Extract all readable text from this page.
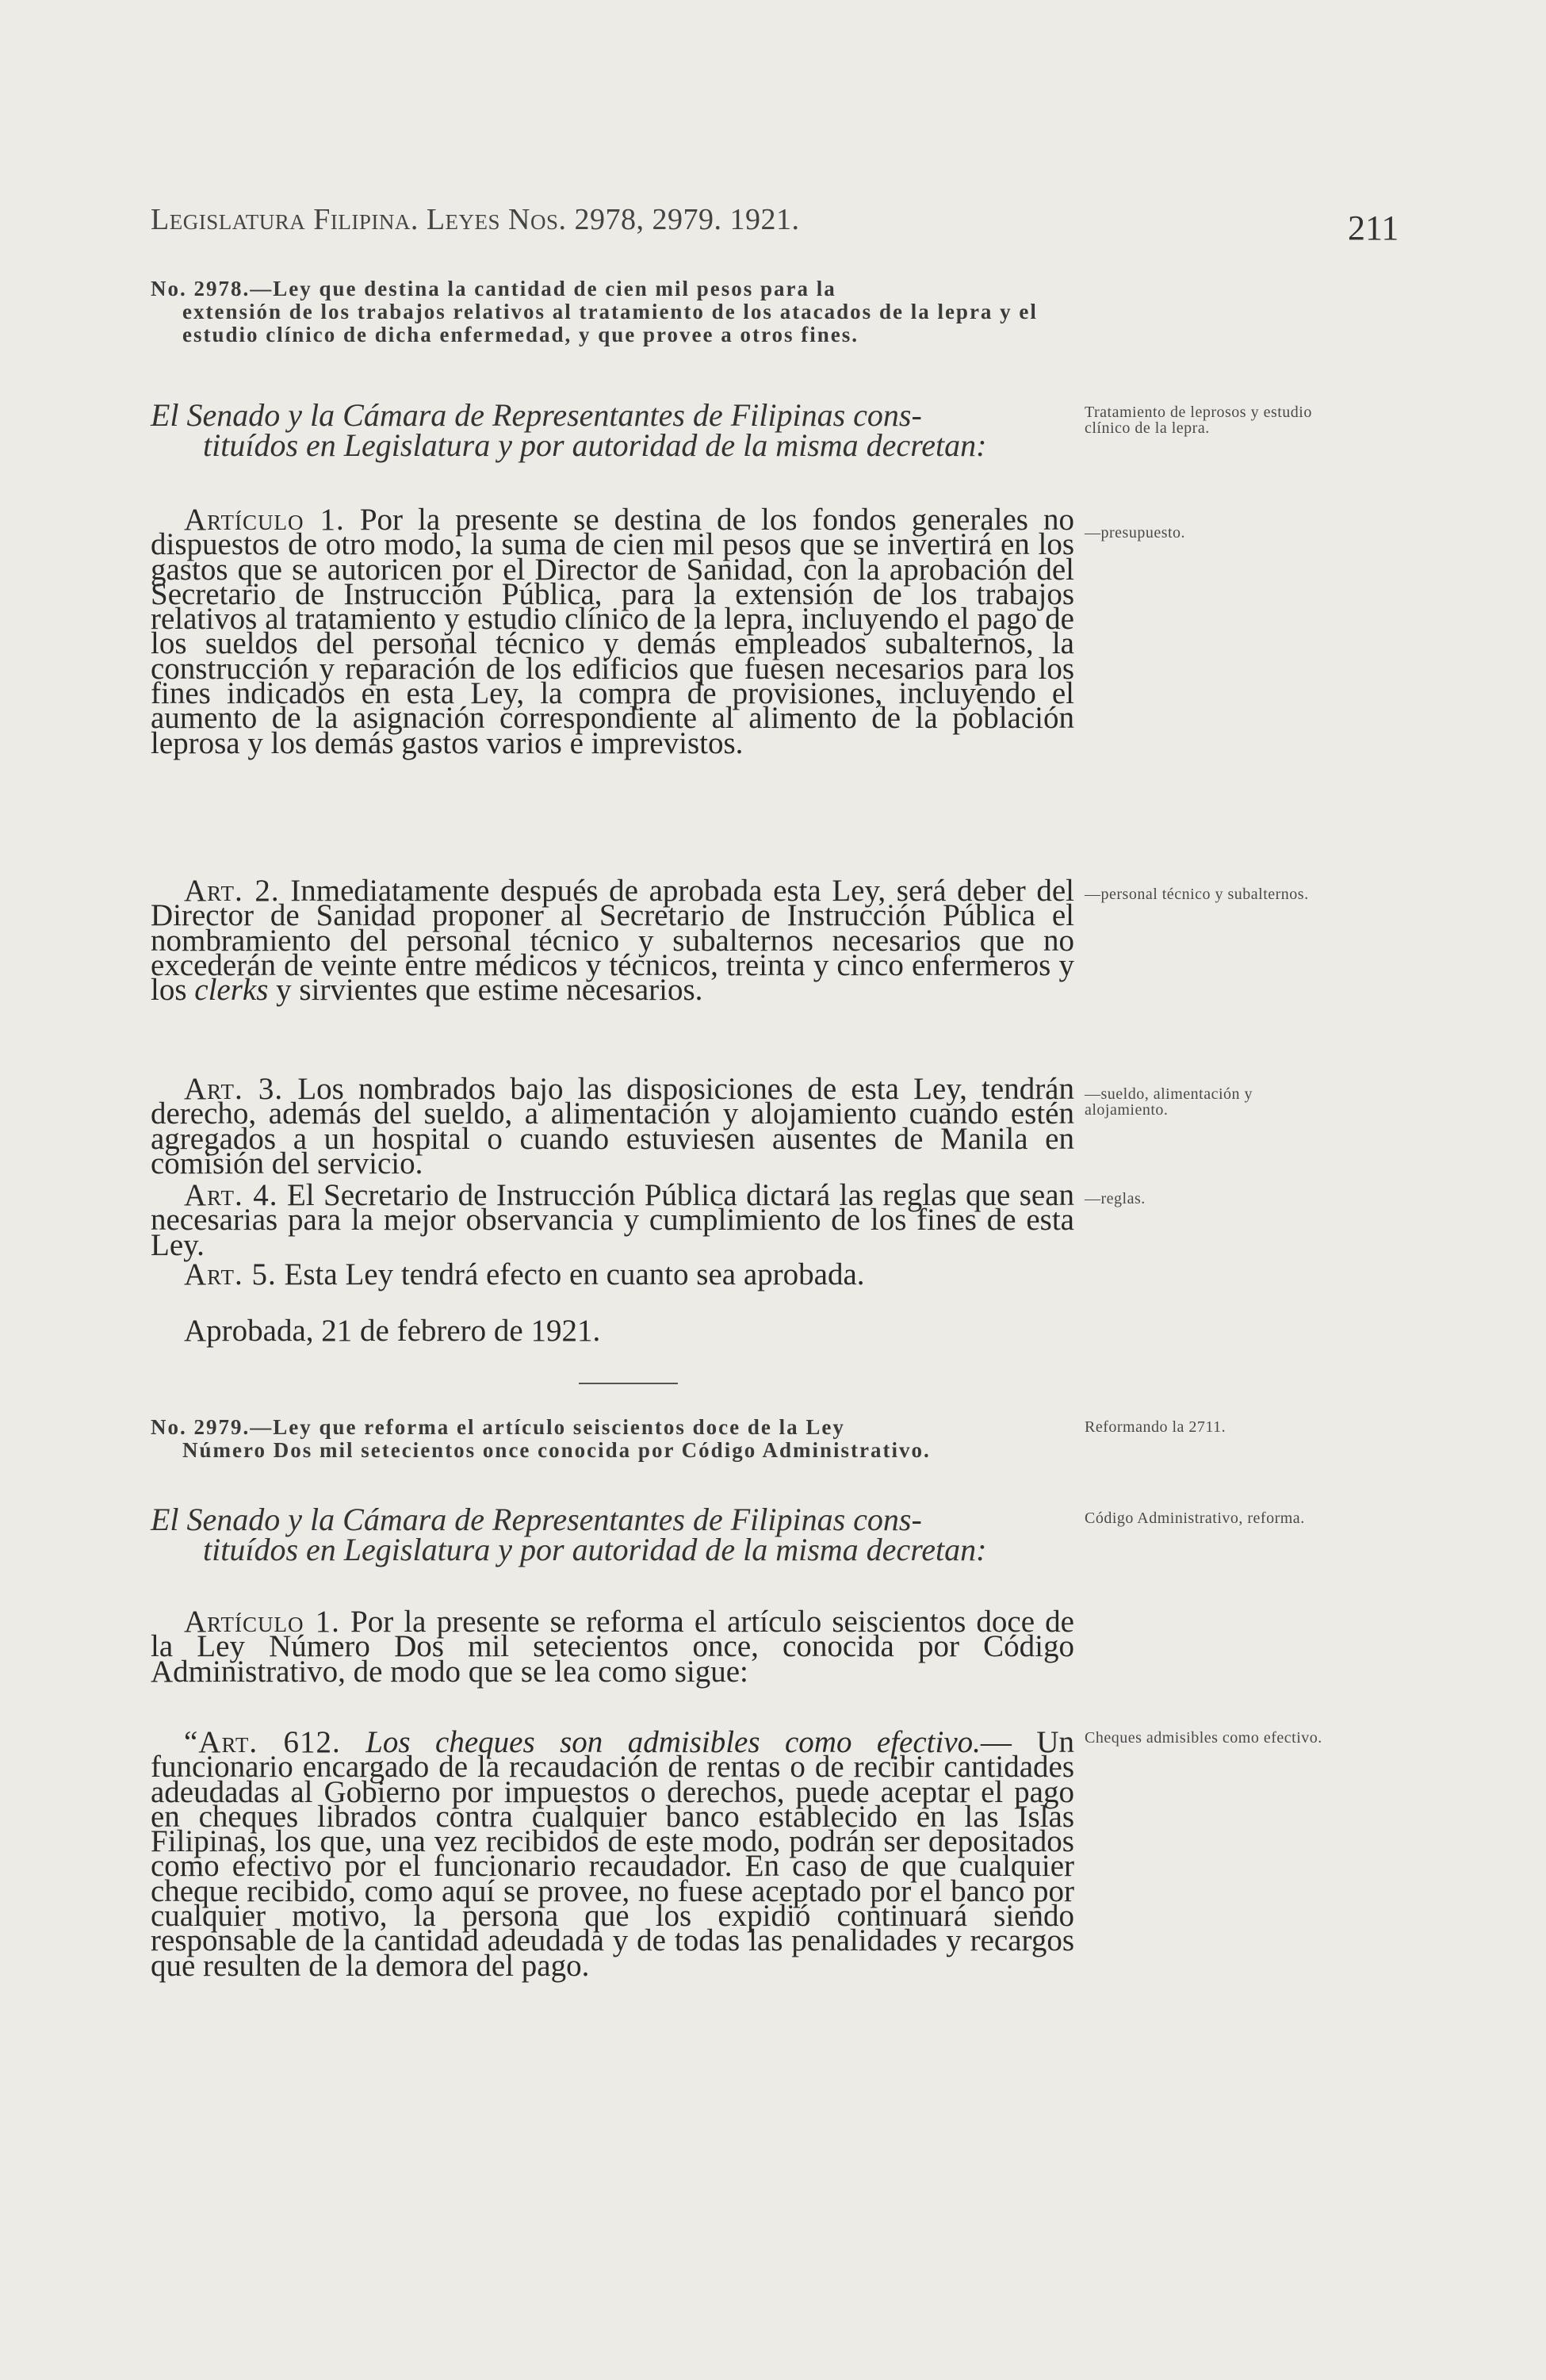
Legislatura Filipina. Leyes Nos. 2978, 2979. 1921.	211
No. 2978.—Ley que destina la cantidad de cien mil pesos para la
extensión de los trabajos relativos al tratamiento de los atacados de la lepra y el estudio clínico de dicha enfermedad, y que provee a otros fines.
El Senado y la Cámara de Representantes de Filipinas cons-
tituídos en Legislatura y por autoridad de la misma decretan:

Artículo 1. Por la presente se destina de los fondos generales no dispuestos de otro modo, la suma de cien mil pesos que se invertirá en los gastos que se autoricen por el Director de Sanidad, con la aprobación del Secretario de Instrucción Pública, para la extensión de los trabajos relativos al tratamiento y estudio clínico de la lepra, incluyendo el pago de los sueldos del personal técnico y demás empleados subalternos, la construcción y reparación de los edificios que fuesen necesarios para los fines indicados en esta Ley, la compra de provisiones, incluyendo el aumento de la asignación correspondiente al alimento de la población leprosa y los demás gastos varios e imprevistos.

Art. 2. Inmediatamente después de aprobada esta Ley, será deber del Director de Sanidad proponer al Secretario de Instrucción Pública el nombramiento del personal técnico y subalternos necesarios que no excederán de veinte entre médicos y técnicos, treinta y cinco enfermeros y los clerks y sirvientes que estime necesarios.

Art. 3. Los nombrados bajo las disposiciones de esta Ley, tendrán derecho, además del sueldo, a alimentación y alojamiento cuando estén agregados a un hospital o cuando estuviesen ausentes de Manila en comisión del servicio.

Art. 4. El Secretario de Instrucción Pública dictará las reglas que sean necesarias para la mejor observancia y cumplimiento de los fines de esta Ley.

Art. 5. Esta Ley tendrá efecto en cuanto sea aprobada.

Aprobada, 21 de febrero de 1921.
Tratamiento de leprosos y estudio clínico de la lepra.
—presupuesto.
—personal técnico y subalternos.
—sueldo, alimentación y alojamiento.
—reglas.
No. 2979.—Ley que reforma el artículo seiscientos doce de la Ley
Número Dos mil setecientos once conocida por Código Administrativo.
El Senado y la Cámara de Representantes de Filipinas cons-
tituídos en Legislatura y por autoridad de la misma decretan:

Artículo 1. Por la presente se reforma el artículo seiscientos doce de la Ley Número Dos mil setecientos once, conocida por Código Administrativo, de modo que se lea como sigue:

“Art. 612. Los cheques son admisibles como efectivo.— Un funcionario encargado de la recaudación de rentas o de recibir cantidades adeudadas al Gobierno por impuestos o derechos, puede aceptar el pago en cheques librados contra cualquier banco establecido en las Islas Filipinas, los que, una vez recibidos de este modo, podrán ser depositados como efectivo por el funcionario recaudador. En caso de que cualquier cheque recibido, como aquí se provee, no fuese aceptado por el banco por cualquier motivo, la persona que los expidió continuará siendo responsable de la cantidad adeudada y de todas las penalidades y recargos que resulten de la demora del pago.

Reformando la 2711.
Código Administrativo, reforma.
Cheques admisibles como efectivo.
